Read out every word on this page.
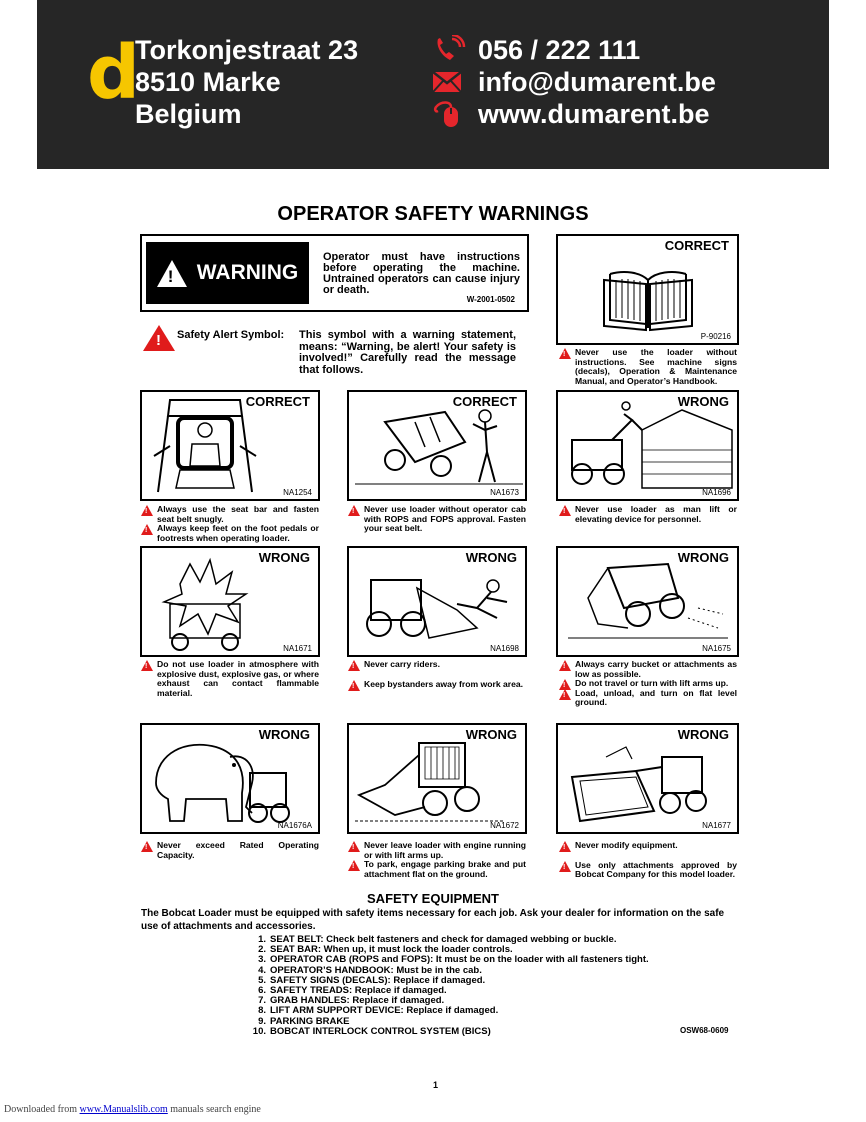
d
Torkonjestraat 23
8510 Marke
Belgium
056 / 222 111
info@dumarent.be
www.dumarent.be
OPERATOR SAFETY WARNINGS
!
WARNING
Operator must have instructions before operating the machine. Untrained operators can cause injury or death.
W-2001-0502
!
Safety Alert Symbol:	This symbol with a warning statement, means: “Warning, be alert! Your safety is involved!” Carefully read the message that follows.
CORRECT
P-90216
!
Never use the loader without instructions. See machine signs (decals), Operation & Maintenance Manual, and Operator’s Handbook.
CORRECT
NA1254
!
Always use the seat bar and fasten seat belt snugly.
!
Always keep feet on the foot pedals or footrests when operating loader.
CORRECT
NA1673
!
Never use loader without operator cab with ROPS and FOPS approval. Fasten your seat belt.
WRONG
NA1696
!
Never use loader as man lift or elevating device for personnel.
WRONG
NA1671
!
Do not use loader in atmosphere with explosive dust, explosive gas, or where exhaust can contact flammable material.
WRONG
NA1698
!
Never carry riders.
!
Keep bystanders away from work area.
WRONG
NA1675
!
Always carry bucket or attachments as low as possible.
!
Do not travel or turn with lift arms up.
!
Load, unload, and turn on flat level ground.
WRONG
NA1676A
!
Never exceed Rated Operating Capacity.
WRONG
NA1672
!
Never leave loader with engine running or with lift arms up.
!
To park, engage parking brake and put attachment flat on the ground.
WRONG
NA1677
!
Never modify equipment.
!
Use only attachments approved by Bobcat Company for this model loader.
SAFETY EQUIPMENT
The Bobcat Loader must be equipped with safety items necessary for each job. Ask your dealer for information on the safe use of attachments and accessories.
1. SEAT BELT: Check belt fasteners and check for damaged webbing or buckle.
2. SEAT BAR: When up, it must lock the loader controls.
3. OPERATOR CAB (ROPS and FOPS): It must be on the loader with all fasteners tight.
4. OPERATOR’S HANDBOOK: Must be in the cab.
5. SAFETY SIGNS (DECALS): Replace if damaged.
6. SAFETY TREADS: Replace if damaged.
7. GRAB HANDLES: Replace if damaged.
8. LIFT ARM SUPPORT DEVICE: Replace if damaged.
9. PARKING BRAKE
10. BOBCAT INTERLOCK CONTROL SYSTEM (BICS)	OSW68-0609
1
Downloaded from www.Manualslib.com manuals search engine
